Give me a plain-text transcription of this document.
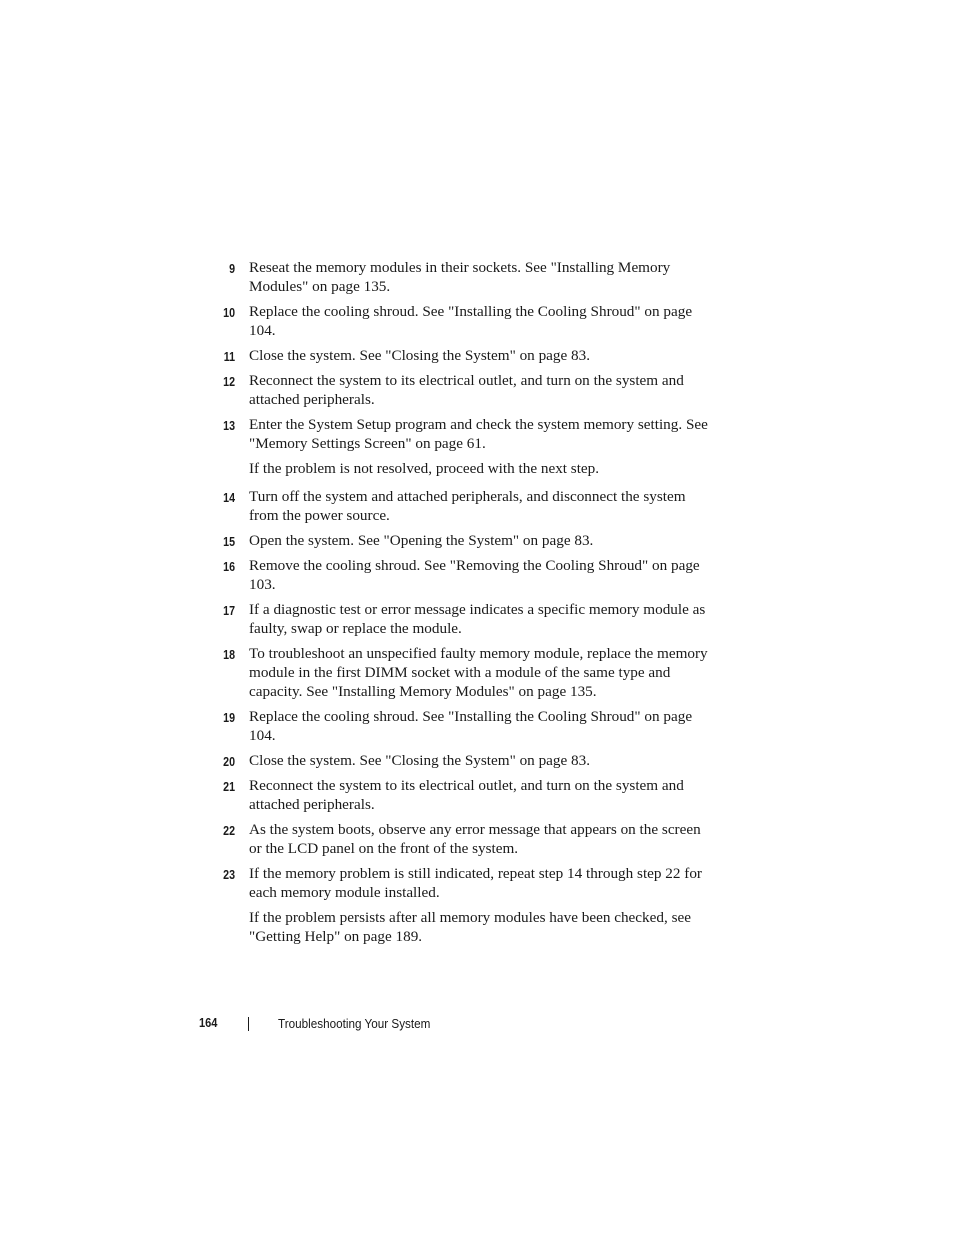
9 Reseat the memory modules in their sockets. See "Installing Memory Modules" on page 135.
10 Replace the cooling shroud. See "Installing the Cooling Shroud" on page 104.
11 Close the system. See "Closing the System" on page 83.
12 Reconnect the system to its electrical outlet, and turn on the system and attached peripherals.
13 Enter the System Setup program and check the system memory setting. See "Memory Settings Screen" on page 61.
If the problem is not resolved, proceed with the next step.
14 Turn off the system and attached peripherals, and disconnect the system from the power source.
15 Open the system. See "Opening the System" on page 83.
16 Remove the cooling shroud. See "Removing the Cooling Shroud" on page 103.
17 If a diagnostic test or error message indicates a specific memory module as faulty, swap or replace the module.
18 To troubleshoot an unspecified faulty memory module, replace the memory module in the first DIMM socket with a module of the same type and capacity. See "Installing Memory Modules" on page 135.
19 Replace the cooling shroud. See "Installing the Cooling Shroud" on page 104.
20 Close the system. See "Closing the System" on page 83.
21 Reconnect the system to its electrical outlet, and turn on the system and attached peripherals.
22 As the system boots, observe any error message that appears on the screen or the LCD panel on the front of the system.
23 If the memory problem is still indicated, repeat step 14 through step 22 for each memory module installed.
If the problem persists after all memory modules have been checked, see "Getting Help" on page 189.
164	Troubleshooting Your System
